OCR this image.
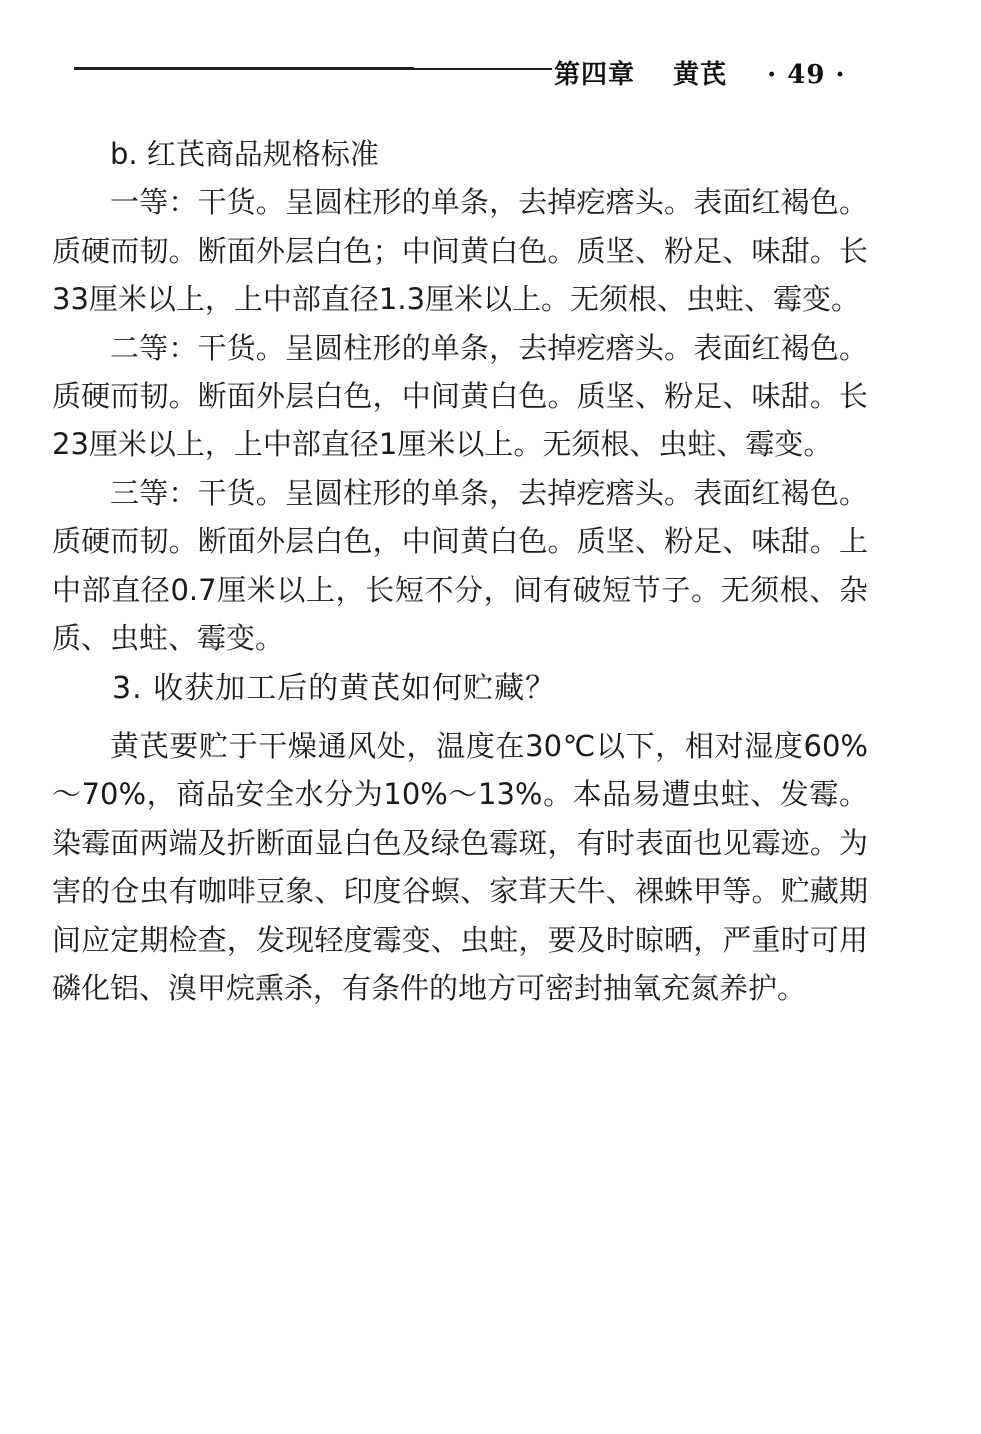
第四章 黄芪 · 49 ·

b. 红芪商品规格标准

一等：干货。呈圆柱形的单条，去掉疙瘩头。表面红褐色。质硬而韧。断面外层白色；中间黄白色。质坚、粉足、味甜。长33厘米以上，上中部直径1.3厘米以上。无须根、虫蛀、霉变。

二等：干货。呈圆柱形的单条，去掉疙瘩头。表面红褐色。质硬而韧。断面外层白色，中间黄白色。质坚、粉足、味甜。长23厘米以上，上中部直径1厘米以上。无须根、虫蛀、霉变。

三等：干货。呈圆柱形的单条，去掉疙瘩头。表面红褐色。质硬而韧。断面外层白色，中间黄白色。质坚、粉足、味甜。上中部直径0.7厘米以上，长短不分，间有破短节子。无须根、杂质、虫蛀、霉变。

3. 收获加工后的黄芪如何贮藏？

黄芪要贮于干燥通风处，温度在30℃以下，相对湿度60%～70%，商品安全水分为10%～13%。本品易遭虫蛀、发霉。染霉面两端及折断面显白色及绿色霉斑，有时表面也见霉迹。为害的仓虫有咖啡豆象、印度谷螟、家茸天牛、裸蛛甲等。贮藏期间应定期检查，发现轻度霉变、虫蛀，要及时晾晒，严重时可用磷化铝、溴甲烷熏杀，有条件的地方可密封抽氧充氮养护。
